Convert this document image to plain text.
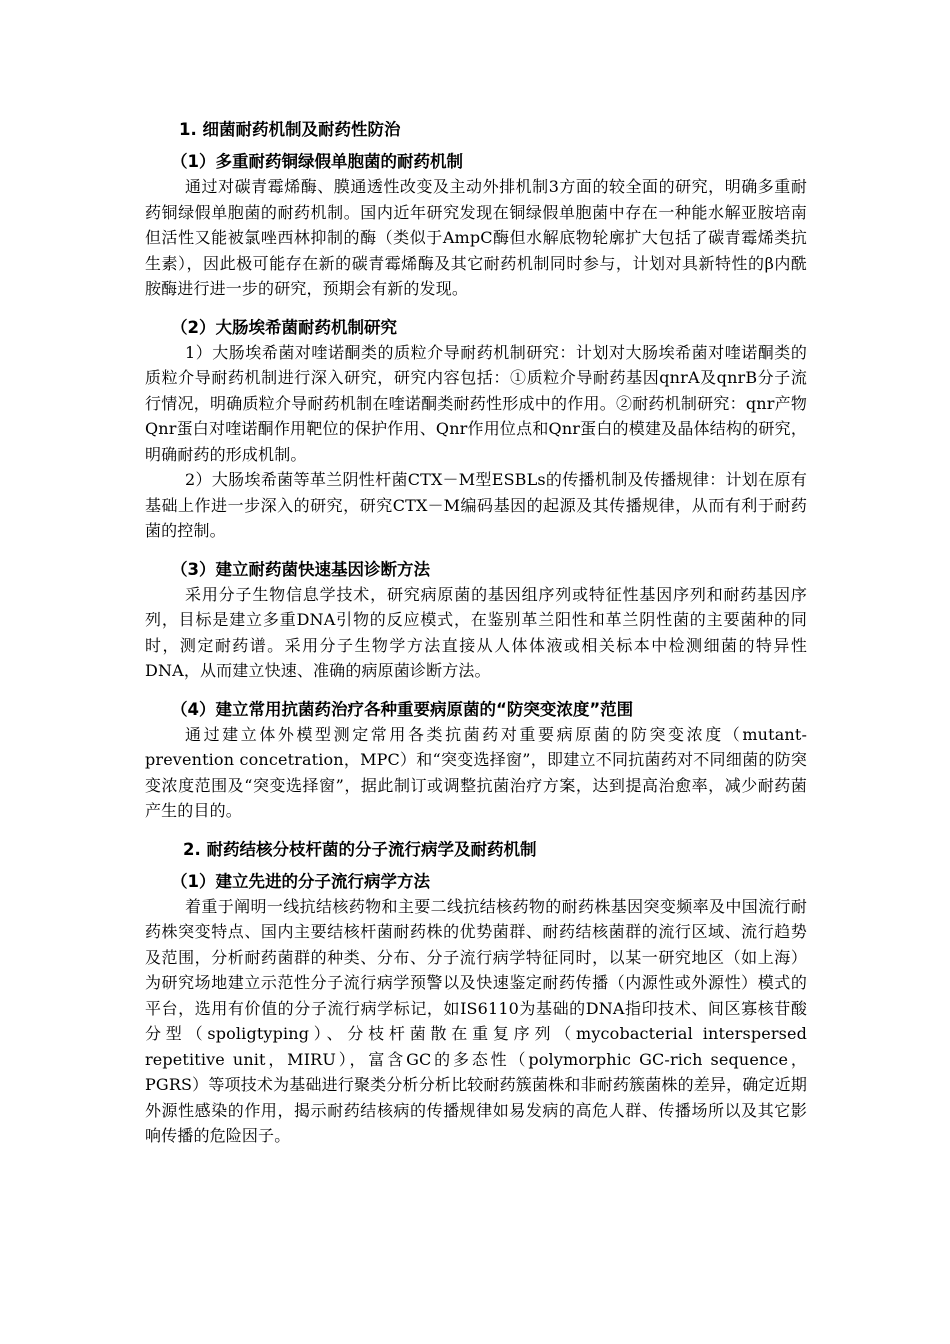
1. 细菌耐药机制及耐药性防治
（1）多重耐药铜绿假单胞菌的耐药机制

通过对碳青霉烯酶、膜通透性改变及主动外排机制3方面的较全面的研究，明确多重耐药铜绿假单胞菌的耐药机制。国内近年研究发现在铜绿假单胞菌中存在一种能水解亚胺培南但活性又能被氯唑西林抑制的酶（类似于AmpC酶但水解底物轮廓扩大包括了碳青霉烯类抗生素），因此极可能存在新的碳青霉烯酶及其它耐药机制同时参与，计划对具新特性的β内酰胺酶进行进一步的研究，预期会有新的发现。

（2）大肠埃希菌耐药机制研究

1）大肠埃希菌对喹诺酮类的质粒介导耐药机制研究：计划对大肠埃希菌对喹诺酮类的质粒介导耐药机制进行深入研究，研究内容包括：①质粒介导耐药基因qnrA及qnrB分子流行情况，明确质粒介导耐药机制在喹诺酮类耐药性形成中的作用。②耐药机制研究：qnr产物Qnr蛋白对喹诺酮作用靶位的保护作用、Qnr作用位点和Qnr蛋白的模建及晶体结构的研究，明确耐药的形成机制。

2）大肠埃希菌等革兰阴性杆菌CTX－M型ESBLs的传播机制及传播规律：计划在原有基础上作进一步深入的研究，研究CTX－M编码基因的起源及其传播规律，从而有利于耐药菌的控制。

（3）建立耐药菌快速基因诊断方法

采用分子生物信息学技术，研究病原菌的基因组序列或特征性基因序列和耐药基因序列，目标是建立多重DNA引物的反应模式，在鉴别革兰阳性和革兰阴性菌的主要菌种的同时，测定耐药谱。采用分子生物学方法直接从人体体液或相关标本中检测细菌的特异性DNA，从而建立快速、准确的病原菌诊断方法。

（4）建立常用抗菌药治疗各种重要病原菌的“防突变浓度”范围

通过建立体外模型测定常用各类抗菌药对重要病原菌的防突变浓度（mutant-prevention concetration，MPC）和“突变选择窗”，即建立不同抗菌药对不同细菌的防突变浓度范围及“突变选择窗”，据此制订或调整抗菌治疗方案，达到提高治愈率，减少耐药菌产生的目的。

2. 耐药结核分枝杆菌的分子流行病学及耐药机制
（1）建立先进的分子流行病学方法

着重于阐明一线抗结核药物和主要二线抗结核药物的耐药株基因突变频率及中国流行耐药株突变特点、国内主要结核杆菌耐药株的优势菌群、耐药结核菌群的流行区域、流行趋势及范围，分析耐药菌群的种类、分布、分子流行病学特征同时，以某一研究地区（如上海）为研究场地建立示范性分子流行病学预警以及快速鉴定耐药传播（内源性或外源性）模式的平台，选用有价值的分子流行病学标记，如IS6110为基础的DNA指印技术、间区寡核苷酸分型（spoligtyping）、分枝杆菌散在重复序列（mycobacterial interspersed repetitive unit，MIRU），富含GC的多态性（polymorphic GC-rich sequence，PGRS）等项技术为基础进行聚类分析分析比较耐药簇菌株和非耐药簇菌株的差异，确定近期外源性感染的作用，揭示耐药结核病的传播规律如易发病的高危人群、传播场所以及其它影响传播的危险因子。
